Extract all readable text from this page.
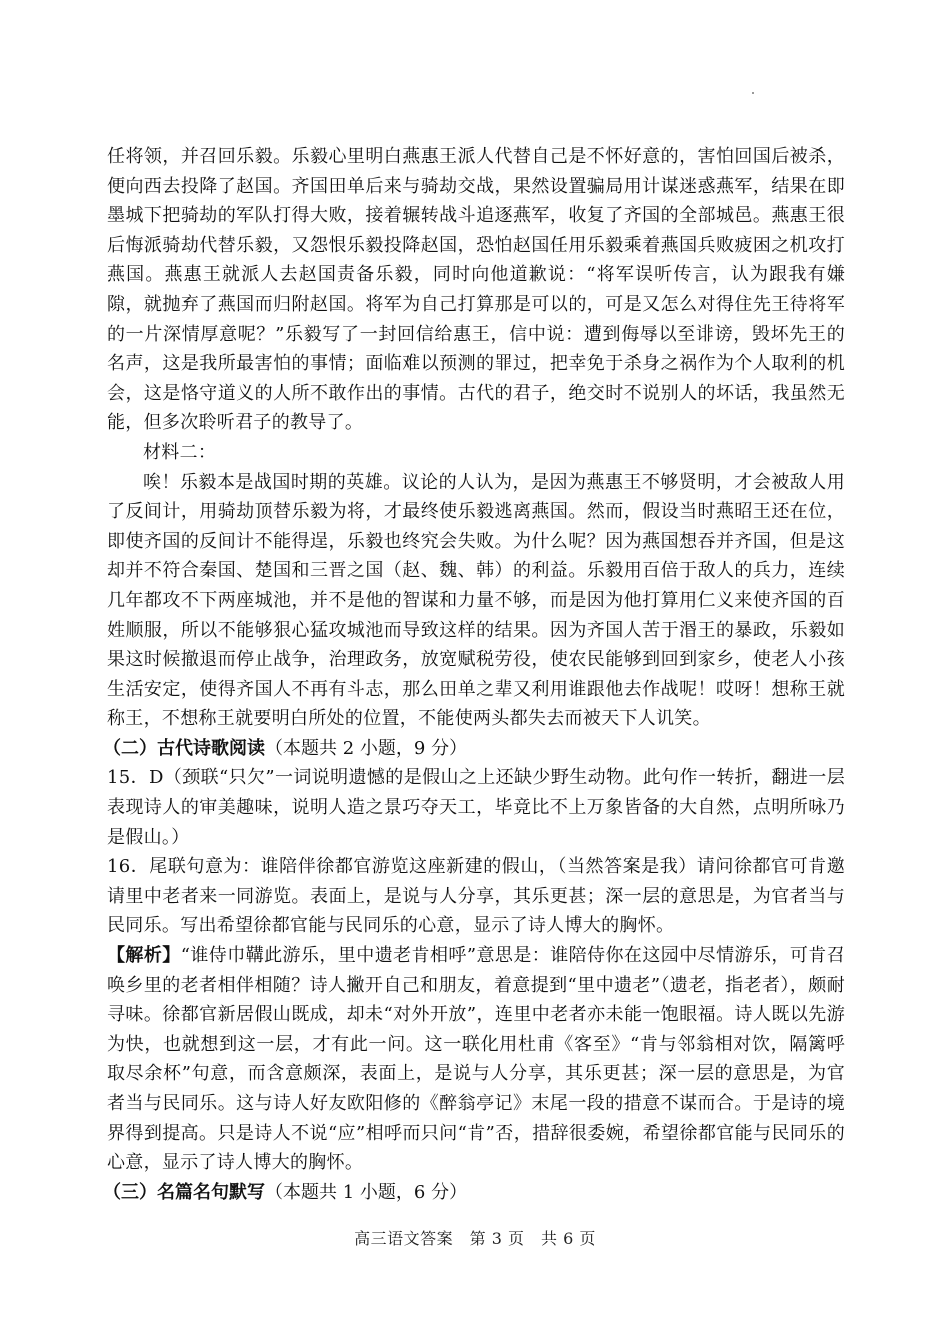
任将领，并召回乐毅。乐毅心里明白燕惠王派人代替自己是不怀好意的，害怕回国后被杀，便向西去投降了赵国。齐国田单后来与骑劫交战，果然设置骗局用计谋迷惑燕军，结果在即墨城下把骑劫的军队打得大败，接着辗转战斗追逐燕军，收复了齐国的全部城邑。燕惠王很后悔派骑劫代替乐毅，又怨恨乐毅投降赵国，恐怕赵国任用乐毅乘着燕国兵败疲困之机攻打燕国。燕惠王就派人去赵国责备乐毅，同时向他道歉说：“将军误听传言，认为跟我有嫌隙，就抛弃了燕国而归附赵国。将军为自己打算那是可以的，可是又怎么对得住先王待将军的一片深情厚意呢？”乐毅写了一封回信给惠王，信中说：遭到侮辱以至诽谤，毁坏先王的名声，这是我所最害怕的事情；面临难以预测的罪过，把幸免于杀身之祸作为个人取利的机会，这是恪守道义的人所不敢作出的事情。古代的君子，绝交时不说别人的坏话，我虽然无能，但多次聆听君子的教导了。

材料二：

唉！乐毅本是战国时期的英雄。议论的人认为，是因为燕惠王不够贤明，才会被敌人用了反间计，用骑劫顶替乐毅为将，才最终使乐毅逃离燕国。然而，假设当时燕昭王还在位，即使齐国的反间计不能得逞，乐毅也终究会失败。为什么呢？因为燕国想吞并齐国，但是这却并不符合秦国、楚国和三晋之国（赵、魏、韩）的利益。乐毅用百倍于敌人的兵力，连续几年都攻不下两座城池，并不是他的智谋和力量不够，而是因为他打算用仁义来使齐国的百姓顺服，所以不能够狠心猛攻城池而导致这样的结果。因为齐国人苦于湣王的暴政，乐毅如果这时候撤退而停止战争，治理政务，放宽赋税劳役，使农民能够到回到家乡，使老人小孩生活安定，使得齐国人不再有斗志，那么田单之辈又利用谁跟他去作战呢！哎呀！想称王就称王，不想称王就要明白所处的位置，不能使两头都失去而被天下人讥笑。

（二）古代诗歌阅读（本题共 2 小题，9 分）

15．D（颈联“只欠”一词说明遗憾的是假山之上还缺少野生动物。此句作一转折，翻进一层表现诗人的审美趣味，说明人造之景巧夺天工，毕竟比不上万象皆备的大自然，点明所咏乃是假山。）

16．尾联句意为：谁陪伴徐都官游览这座新建的假山，（当然答案是我）请问徐都官可肯邀请里中老者来一同游览。表面上，是说与人分享，其乐更甚；深一层的意思是，为官者当与民同乐。写出希望徐都官能与民同乐的心意，显示了诗人博大的胸怀。

【解析】“谁侍巾鞲此游乐，里中遗老肯相呼”意思是：谁陪侍你在这园中尽情游乐，可肯召唤乡里的老者相伴相随？诗人撇开自己和朋友，着意提到“里中遗老”（遗老，指老者），颇耐寻味。徐都官新居假山既成，却未“对外开放”，连里中老者亦未能一饱眼福。诗人既以先游为快，也就想到这一层，才有此一问。这一联化用杜甫《客至》“肯与邻翁相对饮，隔篱呼取尽余杯”句意，而含意颇深，表面上，是说与人分享，其乐更甚；深一层的意思是，为官者当与民同乐。这与诗人好友欧阳修的《醉翁亭记》末尾一段的措意不谋而合。于是诗的境界得到提高。只是诗人不说“应”相呼而只问“肯”否，措辞很委婉，希望徐都官能与民同乐的心意，显示了诗人博大的胸怀。

（三）名篇名句默写（本题共 1 小题，6 分）
高三语文答案　第 3 页　共 6 页
